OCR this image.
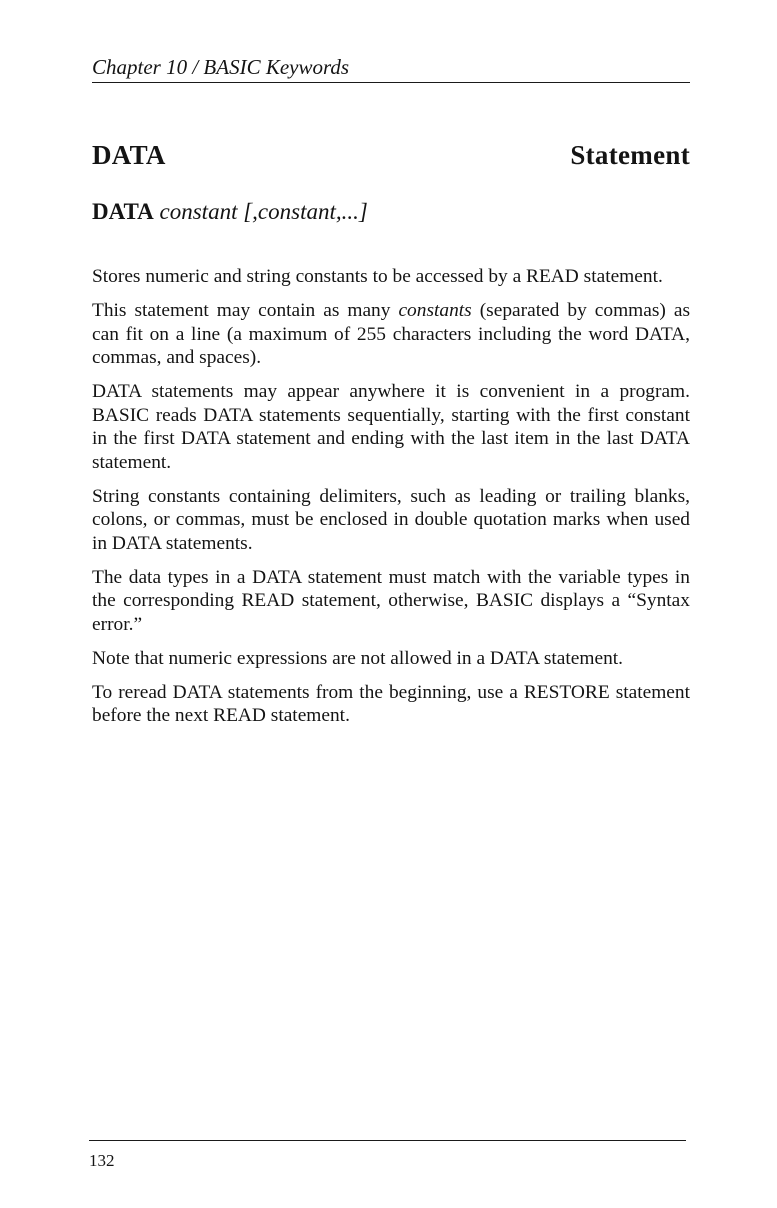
Chapter 10 / BASIC Keywords
DATA	Statement
DATA constant [,constant,...]

Stores numeric and string constants to be accessed by a READ statement.

This statement may contain as many constants (separated by commas) as can fit on a line (a maximum of 255 characters including the word DATA, commas, and spaces).

DATA statements may appear anywhere it is convenient in a program. BASIC reads DATA statements sequentially, starting with the first constant in the first DATA statement and ending with the last item in the last DATA statement.

String constants containing delimiters, such as leading or trailing blanks, colons, or commas, must be enclosed in double quotation marks when used in DATA statements.

The data types in a DATA statement must match with the variable types in the corresponding READ statement, otherwise, BASIC displays a “Syntax error.”

Note that numeric expressions are not allowed in a DATA statement.

To reread DATA statements from the beginning, use a RESTORE statement before the next READ statement.

132
